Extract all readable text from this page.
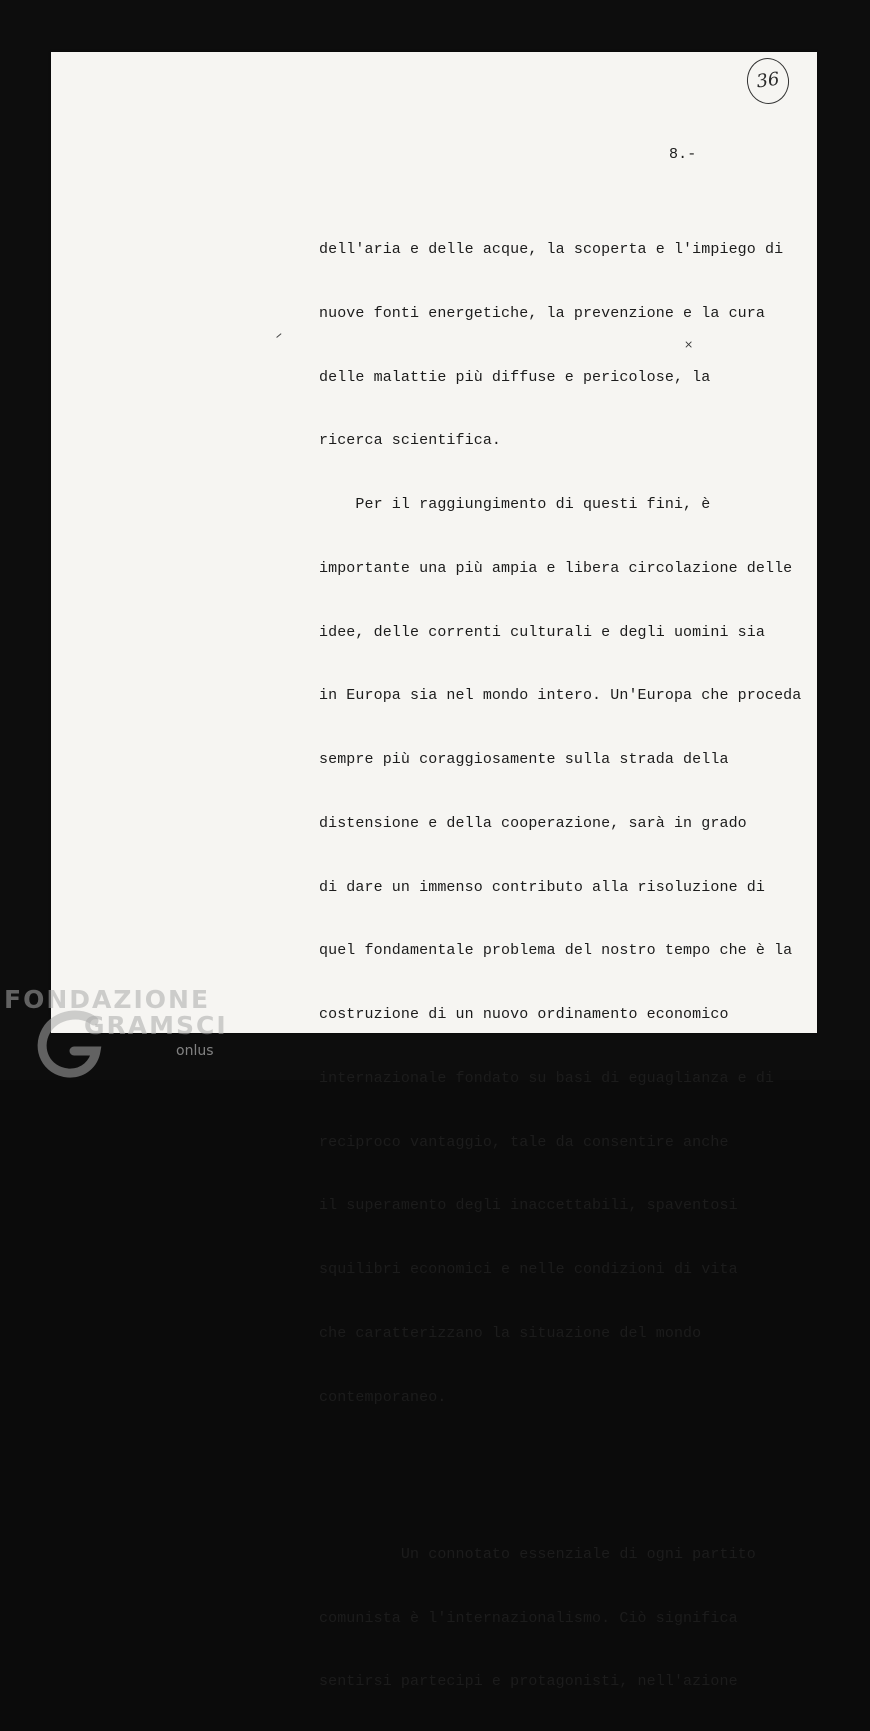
36
8.-
×

dell'aria e delle acque, la scoperta e l'impiego di

nuove fonti energetiche, la prevenzione e la cura

delle malattie più diffuse e pericolose, la

ricerca scientifica.

Per il raggiungimento di questi fini, è

importante una più ampia e libera circolazione delle

idee, delle correnti culturali e degli uomini sia

in Europa sia nel mondo intero. Un'Europa che proceda

sempre più coraggiosamente sulla strada della

distensione e della cooperazione, sarà in grado

di dare un immenso contributo alla risoluzione di

quel fondamentale problema del nostro tempo che è la

costruzione di un nuovo ordinamento economico

internazionale fondato su basi di eguaglianza e di

reciproco vantaggio, tale da consentire anche

il superamento degli inaccettabili, spaventosi

squilibri economici e nelle condizioni di vita

che caratterizzano la situazione del mondo

contemporaneo.

Un connotato essenziale di ogni partito

comunista è l'internazionalismo. Ciò significa

sentirsi partecipi e protagonisti, nell'azione

FONDAZIONE
GRAMSCI
onlus
